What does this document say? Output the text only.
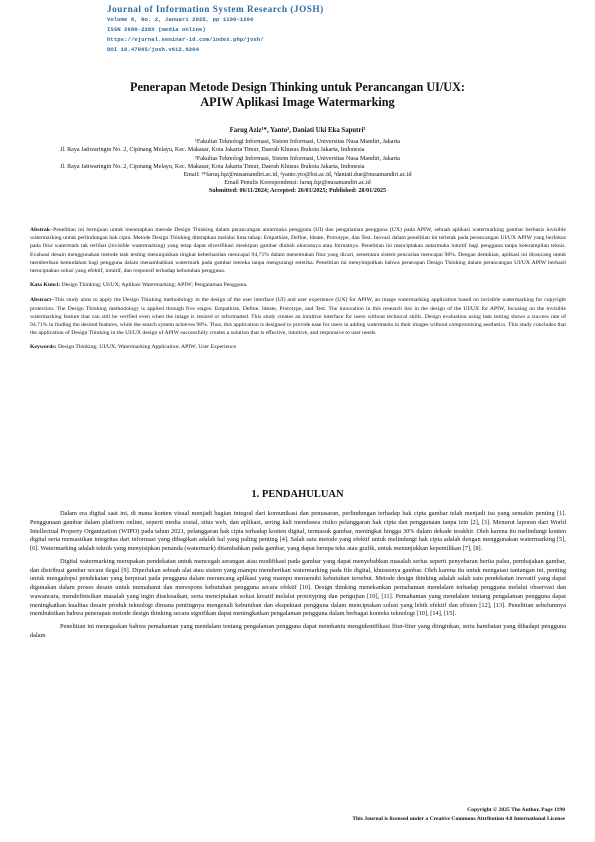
Journal of Information System Research (JOSH)
Volume 6, No. 2, Januari 2025, pp 1190−1200
ISSN 2686-228X (media online)
https://ejurnal.seminar-id.com/index.php/josh/
DOI 10.47065/josh.v6i2.6204
Penerapan Metode Design Thinking untuk Perancangan UI/UX:
APIW Aplikasi Image Watermarking
Farug Aziz¹*, Yanto², Daniati Uki Eka Saputri³
¹Fakultas Teknologi Informasi, Sistem Informasi, Universitas Nusa Mandiri, Jakarta
Jl. Raya Jatiwaringin No. 2, Cipinang Melayu, Kec. Makasar, Kota Jakarta Timur, Daerah Khusus Ibukota Jakarta, Indonesia
²Fakultas Teknologi Informasi, Sistem Informasi, Universitas Nusa Mandiri, Jakarta
Jl. Raya Jatiwaringin No. 2, Cipinang Melayu, Kec. Makasar, Kota Jakarta Timur, Daerah Khusus Ibukota Jakarta, Indonesia
Email: ¹*faruq.fqz@nusamandiri.ac.id, ²yanto.yto@bsi.ac.id, ³daniati.due@nusamandiri.ac.id
Email Penulis Korespondensi: faruq.fqz@nusamandiri.ac.id
Submitted: 06/11/2024; Accepted: 26/01/2025; Published: 28/01/2025

Abstrak−Penelitian ini bertujuan untuk menerapkan metode Design Thinking dalam perancangan antarmuka pengguna (UI) dan pengalaman pengguna (UX) pada APIW, sebuah aplikasi watermarking gambar berbasis invisible watermarking untuk perlindungan hak cipta. Metode Design Thinking diterapkan melalui lima tahap: Empathize, Define, Ideate, Prototype, dan Test. Inovasi dalam penelitian ini terletak pada perancangan UI/UX APIW yang berfokus pada fitur watermark tak terlihat (invisible watermarking) yang tetap dapat diverifikasi meskipun gambar diubah ukurannya atau formatnya. Penelitian ini menciptakan antarmuka intuitif bagi pengguna tanpa keterampilan teknis. Evaluasi desain menggunakan metode task testing menunjukkan tingkat keberhasilan mencapai 94,71% dalam menemukan fitur yang dicari, sementara sistem pencarian mencapai 98%. Dengan demikian, aplikasi ini dirancang untuk memberikan kemudahan bagi pengguna dalam menambahkan watermark pada gambar mereka tanpa mengurangi estetika. Penelitian ini menyimpulkan bahwa penerapan Design Thinking dalam perancangan UI/UX APIW berhasil menciptakan solusi yang efektif, intuitif, dan responsif terhadap kebutuhan pengguna.

Kata Kunci: Design Thinking; UI/UX; Aplikasi Watermarking; APIW; Pengalaman Pengguna.

Abstract−This study aims to apply the Design Thinking methodology in the design of the user interface (UI) and user experience (UX) for APIW, an image watermarking application based on invisible watermarking for copyright protection. The Design Thinking methodology is applied through five stages: Empathize, Define, Ideate, Prototype, and Test. The innovation in this research lies in the design of the UI/UX for APIW, focusing on the invisible watermarking feature that can still be verified even when the image is resized or reformatted. This study creates an intuitive interface for users without technical skills. Design evaluation using task testing shows a success rate of 94.71% in finding the desired features, while the search system achieves 98%. Thus, this application is designed to provide ease for users in adding watermarks to their images without compromising aesthetics. This study concludes that the application of Design Thinking in the UI/UX design of APIW successfully creates a solution that is effective, intuitive, and responsive to user needs.

Keywords: Design Thinking; UI/UX; Watermarking Application; APIW; User Experience

1. PENDAHULUAN

Dalam era digital saat ini, di mana konten visual menjadi bagian integral dari komunikasi dan pemasaran, perlindungan terhadap hak cipta gambar telah menjadi isu yang semakin penting [1]. Penggunaan gambar dalam platform online, seperti media sosial, situs web, dan aplikasi, sering kali membawa risiko pelanggaran hak cipta dan penggunaan tanpa izin [2], [3]. Menurut laporan dari World Intellectual Property Organization (WIPO) pada tahun 2021, pelanggaran hak cipta terhadap konten digital, termasuk gambar, meningkat hingga 30% dalam dekade terakhir. Oleh karena itu melindungi konten digital serta memastikan integritas dari informasi yang dibagikan adalah hal yang paling penting [4]. Salah satu metode yang efektif untuk melindungi hak cipta adalah dengan menggunakan watermarking [5], [6]. Watermarking adalah teknik yang menyisipkan penanda (watermark) ditambahkan pada gambar, yang dapat berupa teks atau grafik, untuk menunjukkan kepemilikan [7], [8].

Digital watermarking merupakan pendekatan untuk mencegah serangan atau modifikasi pada gambar yang dapat menyebabkan masalah serius seperti penyebaran berita palsu, pembajakan gambar, dan distribusi gambar secara ilegal [9]. Diperlukan sebuah alat atau sistem yang mampu memberikan watermarking pada file digital, khususnya gambar. Oleh karena itu untuk mengatasi tantangan ini, penting untuk mengadopsi pendekatan yang berpusat pada pengguna dalam merancang aplikasi yang mampu memenuhi kebutuhan tersebut. Metode design thinking adalah salah satu pendekatan inovatif yang dapat digunakan dalam proses desain untuk memahami dan merespons kebutuhan pengguna secara efektif [10]. Design thinking menekankan pemahaman mendalam terhadap pengguna melalui observasi dan wawancara, mendefinisikan masalah yang ingin diselesaikan, serta menciptakan solusi kreatif melalui prototyping dan pengujian [10], [11]. Pemahaman yang mendalam tentang pengalaman pengguna dapat meningkatkan kualitas desain produk teknologi dimana pentingnya mengenali kebutuhan dan ekspektasi pengguna dalam menciptakan solusi yang lebih efektif dan efisien [12], [13]. Penelitian sebelumnya membuktikan bahwa penerapan metode design thinking secara signifikan dapat meningkatkan pengalaman pengguna dalam berbagai konteks teknologi [10], [14], [15].

Penelitian ini menegaskan bahwa pemahaman yang mendalam tentang pengalaman pengguna dapat membantu mengidentifikasi fitur-fitur yang diinginkan, serta hambatan yang dihadapi pengguna dalam

Copyright © 2025 The Author, Page 1190
This Journal is licensed under a Creative Commons Attribution 4.0 International License
